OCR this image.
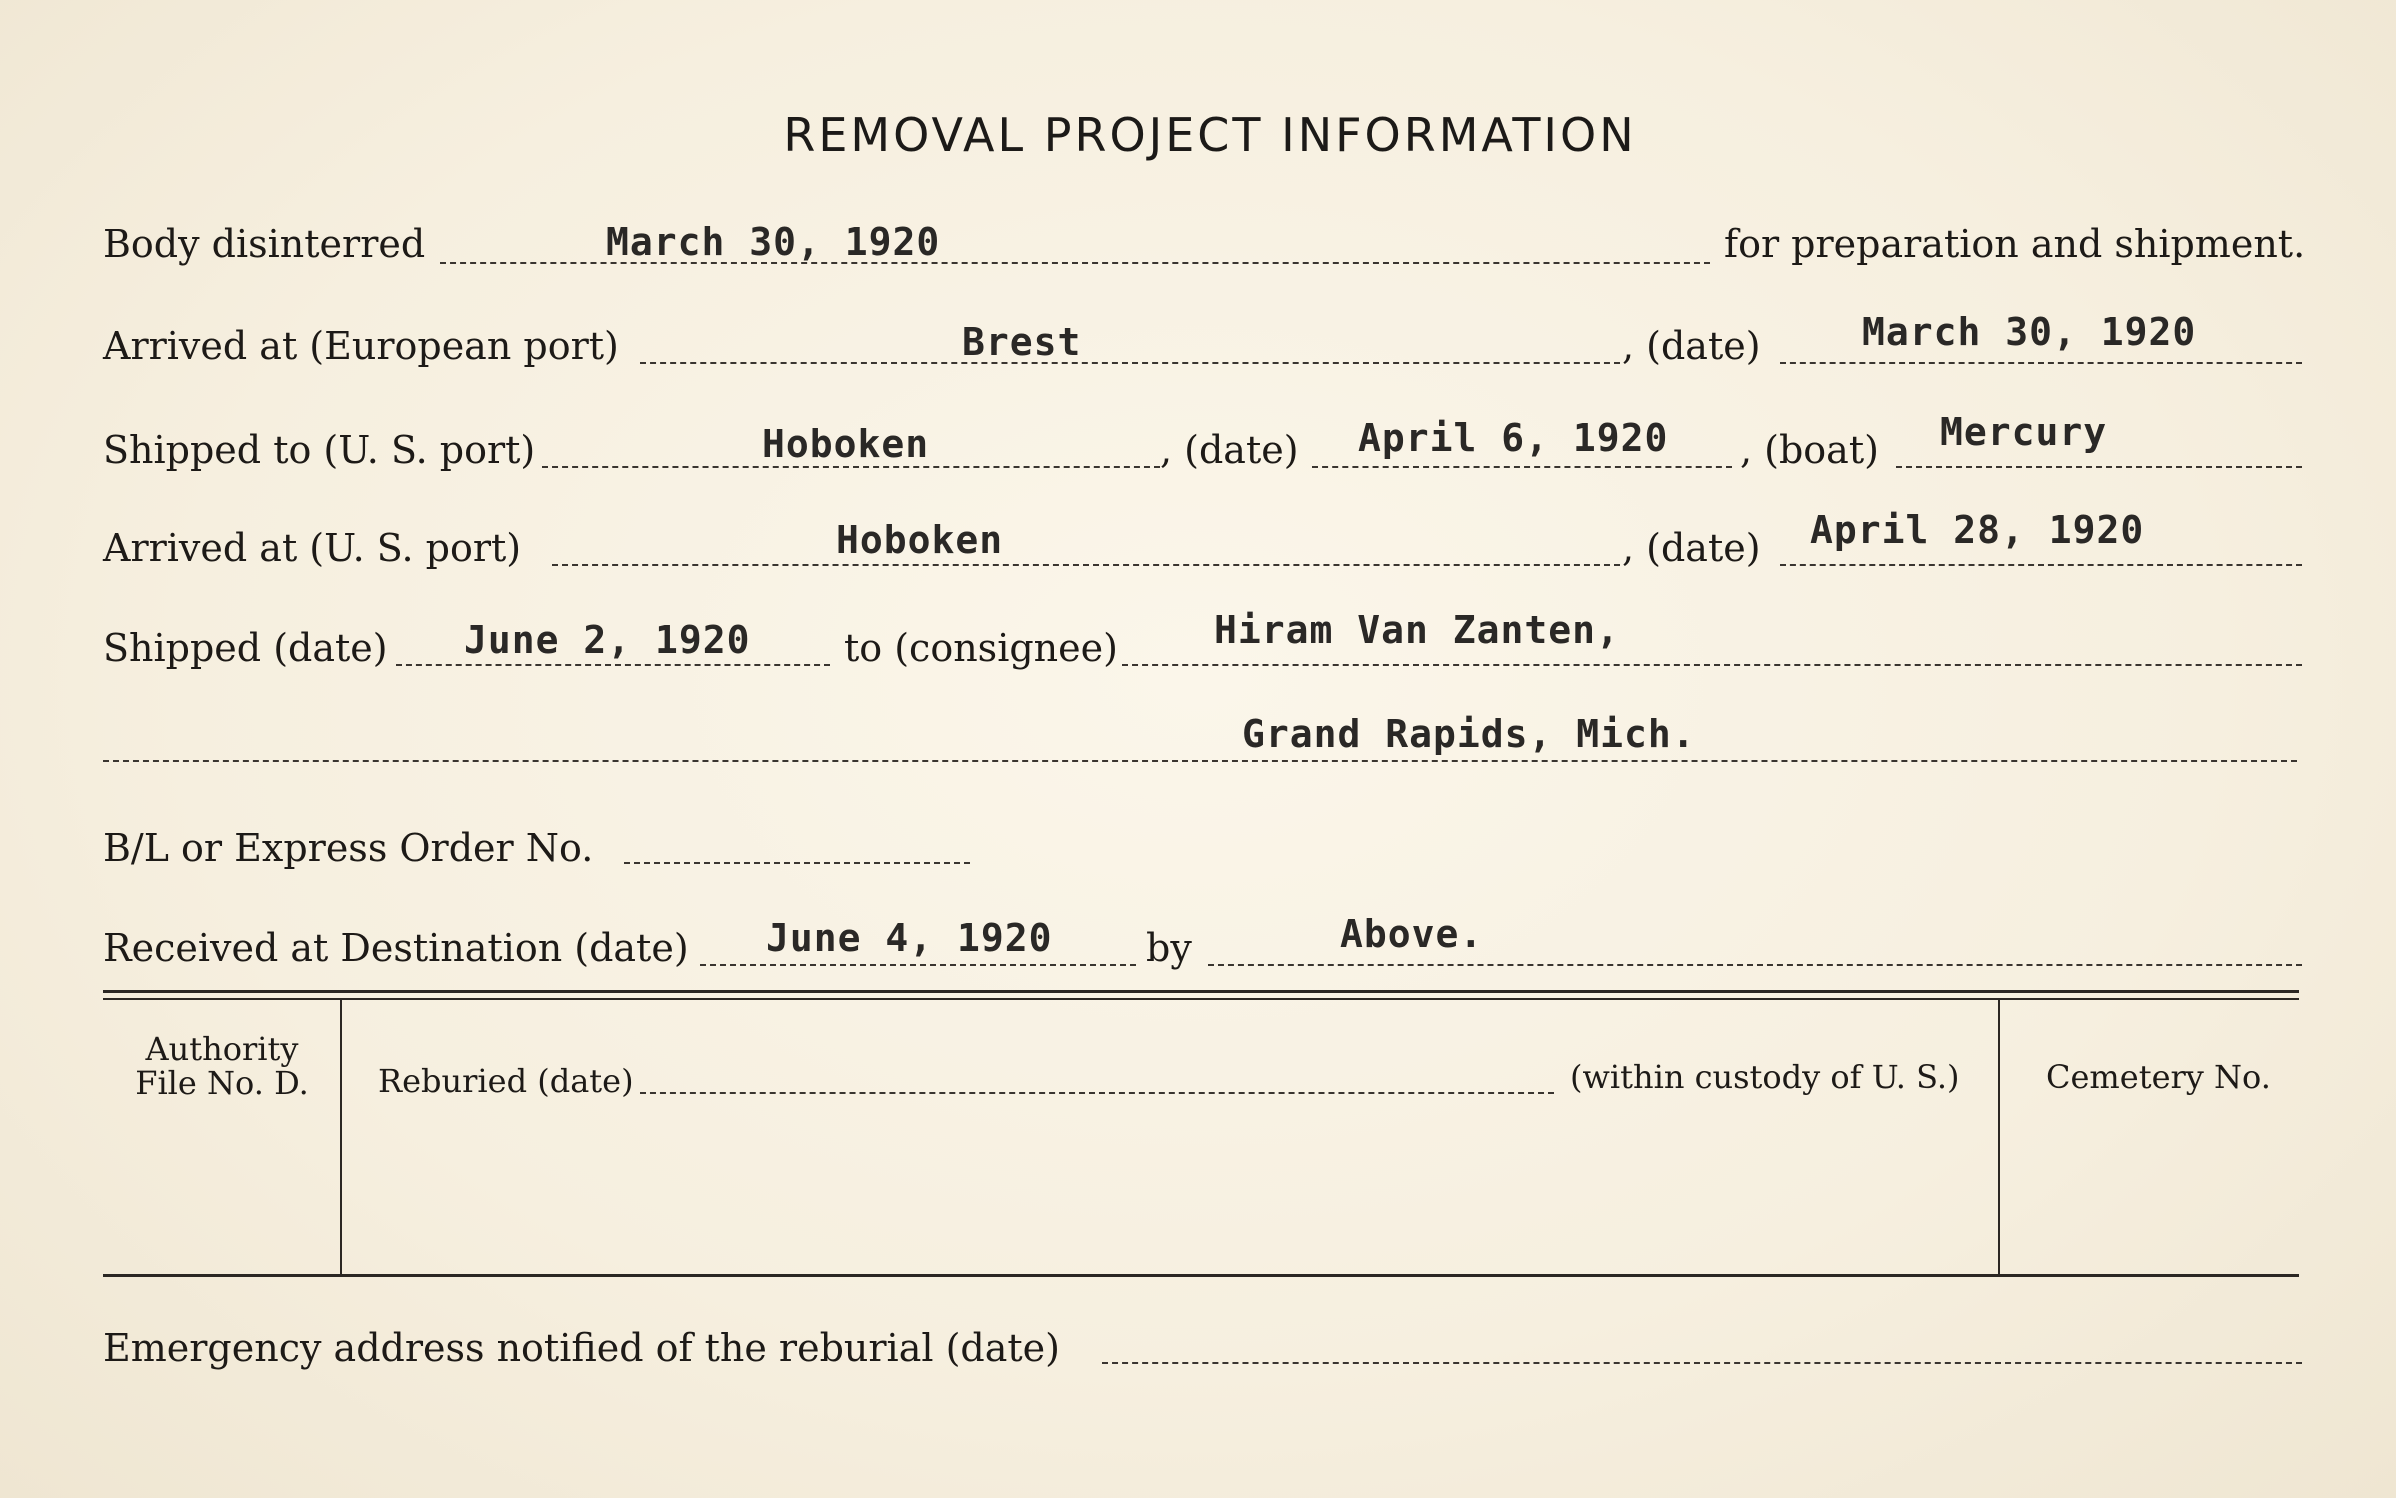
REMOVAL PROJECT INFORMATION
Body disinterred	March 30, 1920	for preparation and shipment.
Arrived at (European port)	Brest	, (date)	March 30, 1920
Shipped to (U. S. port)	Hoboken	, (date) April 6, 1920 , (boat) Mercury
Arrived at (U. S. port)	Hoboken	, (date) April 28, 1920
Shipped (date) June 2, 1920 to (consignee)	Hiram Van Zanten,
Grand Rapids, Mich.
B/L or Express Order No.
Received at Destination (date) June 4, 1920 by	Above.
Authority
File No. D.	Reburied (date)	(within custody of U. S.)	Cemetery No.
Emergency address notified of the reburial (date)
